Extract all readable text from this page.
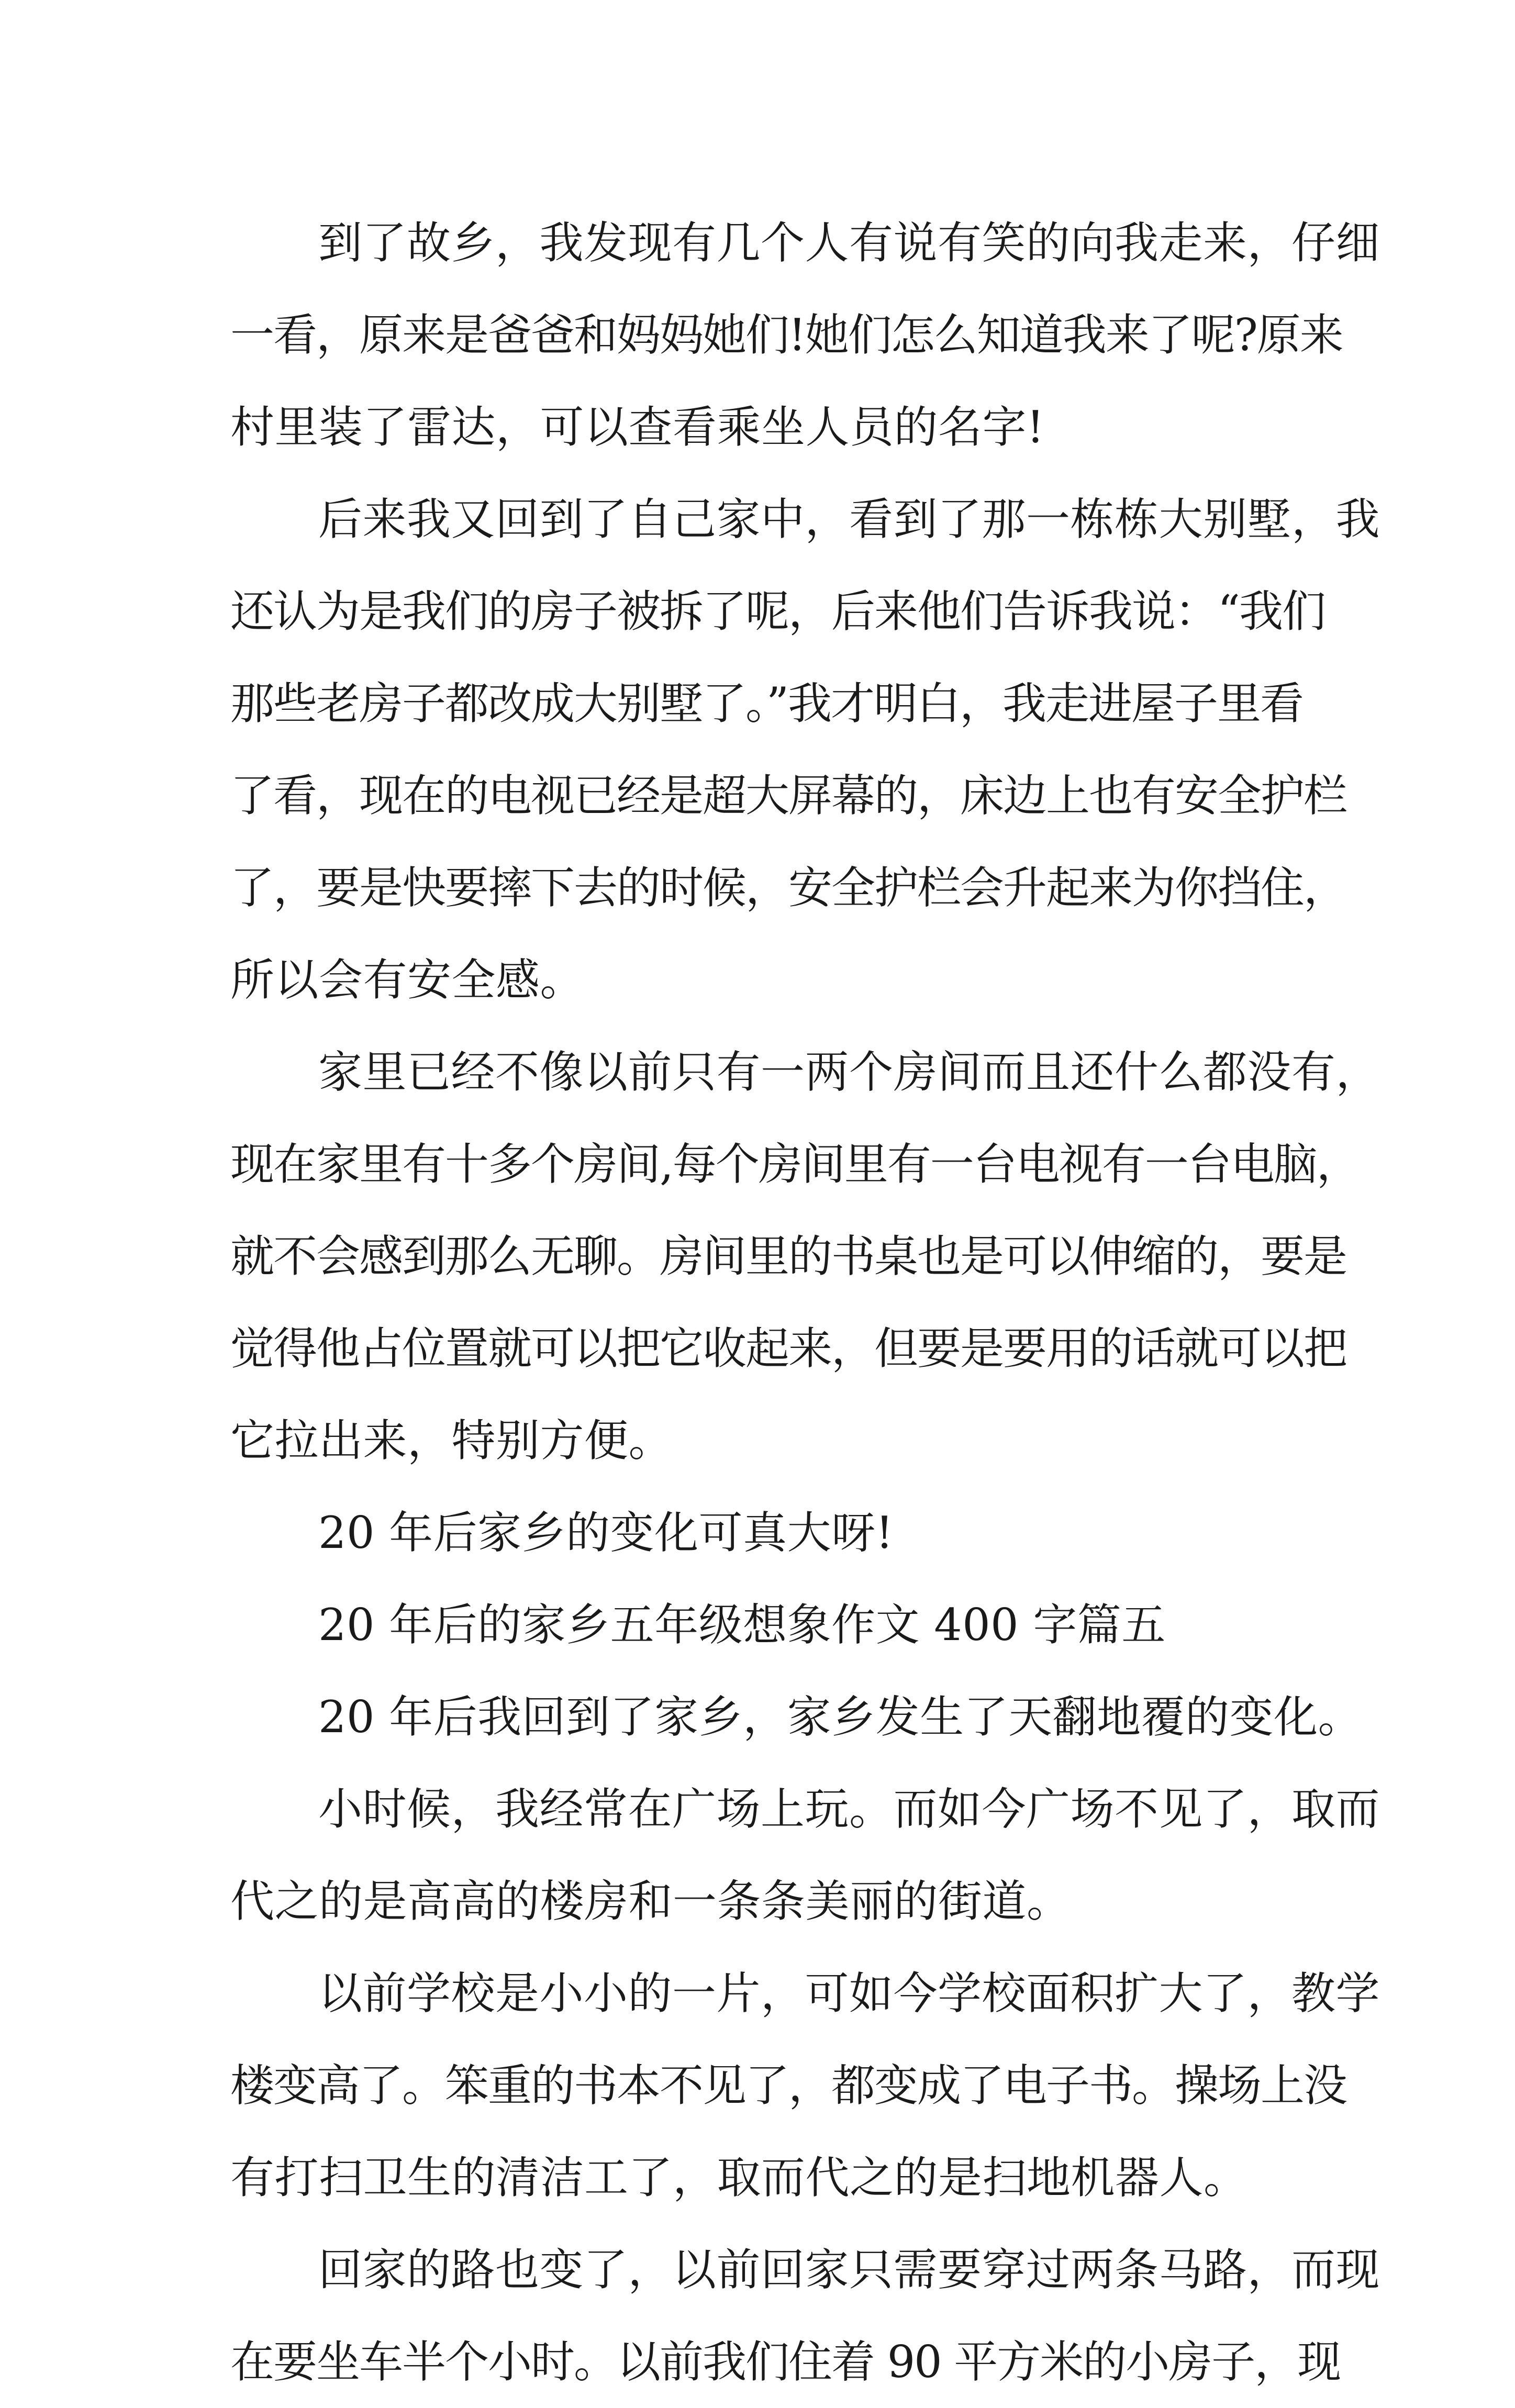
到了故乡，我发现有几个人有说有笑的向我走来，仔细

一看，原来是爸爸和妈妈她们!她们怎么知道我来了呢?原来

村里装了雷达，可以查看乘坐人员的名字!

后来我又回到了自己家中，看到了那一栋栋大别墅，我

还认为是我们的房子被拆了呢，后来他们告诉我说：“我们

那些老房子都改成大别墅了。”我才明白，我走进屋子里看

了看，现在的电视已经是超大屏幕的，床边上也有安全护栏

了，要是快要摔下去的时候，安全护栏会升起来为你挡住，

所以会有安全感。

家里已经不像以前只有一两个房间而且还什么都没有，

现在家里有十多个房间,每个房间里有一台电视有一台电脑，

就不会感到那么无聊。房间里的书桌也是可以伸缩的，要是

觉得他占位置就可以把它收起来，但要是要用的话就可以把

它拉出来，特别方便。

20 年后家乡的变化可真大呀!

20 年后的家乡五年级想象作文 400 字篇五

20 年后我回到了家乡，家乡发生了天翻地覆的变化。

小时候，我经常在广场上玩。而如今广场不见了，取而

代之的是高高的楼房和一条条美丽的街道。

以前学校是小小的一片，可如今学校面积扩大了，教学

楼变高了。笨重的书本不见了，都变成了电子书。操场上没

有打扫卫生的清洁工了，取而代之的是扫地机器人。

回家的路也变了，以前回家只需要穿过两条马路，而现

在要坐车半个小时。以前我们住着 90 平方米的小房子，现
